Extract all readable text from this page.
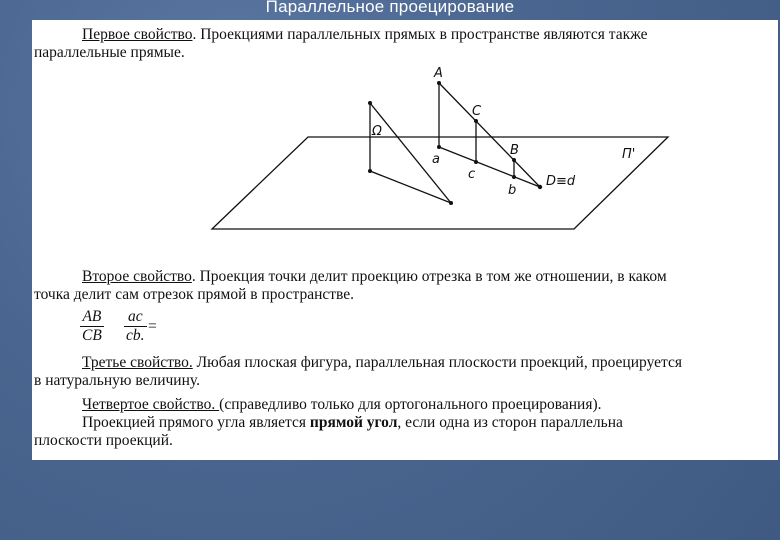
Параллельное проецирование
Первое свойство. Проекциями параллельных прямых в пространстве являются также
параллельные прямые.
A
C
B
a
c
b
D≡d
П'
Ω
Второе свойство. Проекция точки делит проекцию отрезка в том же отношении, в каком
точка делит сам отрезок прямой в пространстве.
$\frac{AB}{CB} \frac{ac}{cb.}$ =
Третье свойство. Любая плоская фигура, параллельная плоскости проекций, проецируется
в натуральную величину.
Четвертое свойство. (справедливо только для ортогонального проецирования).
Проекцией прямого угла является прямой угол, если одна из сторон параллельна
плоскости проекций.
